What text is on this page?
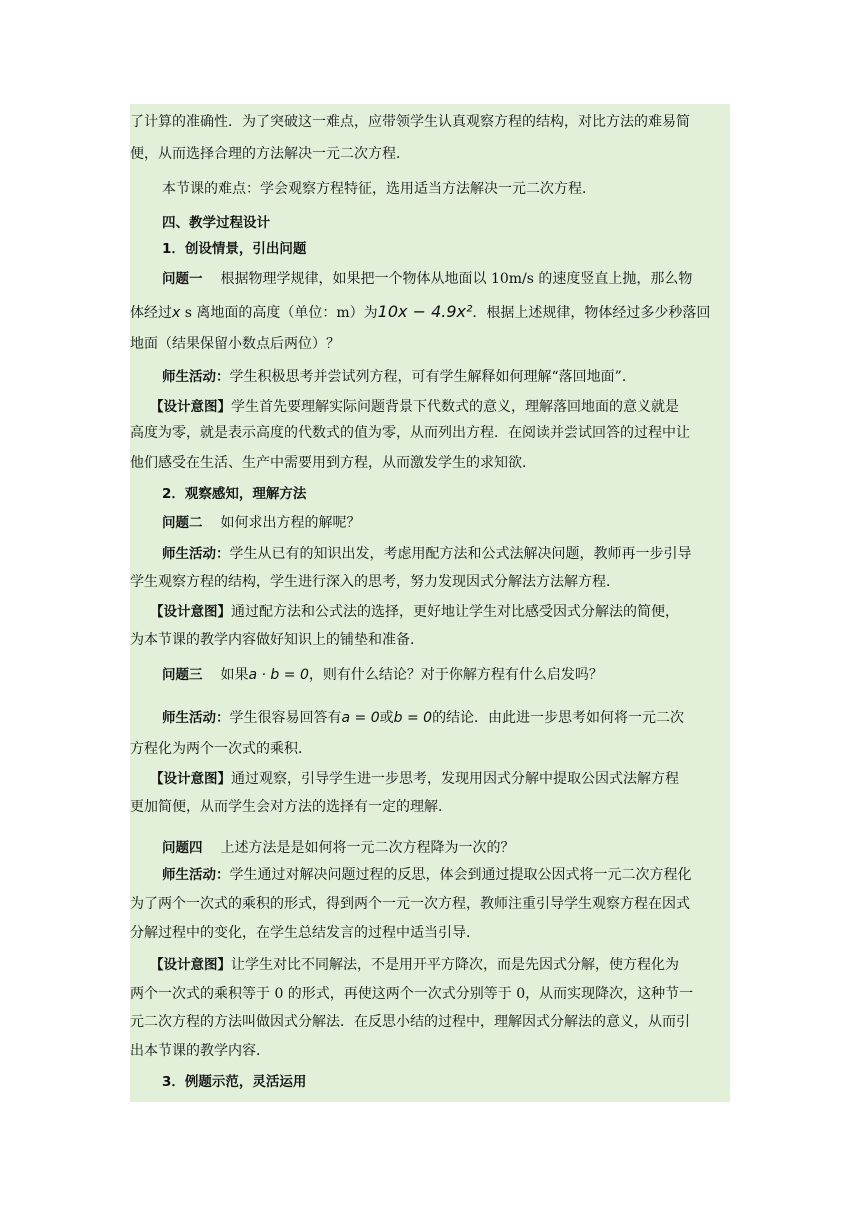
了计算的准确性．为了突破这一难点，应带领学生认真观察方程的结构，对比方法的难易简
便，从而选择合理的方法解决一元二次方程．
本节课的难点：学会观察方程特征，选用适当方法解决一元二次方程．
四、教学过程设计
1．创设情景，引出问题
问题一 根据物理学规律，如果把一个物体从地面以 10m/s 的速度竖直上抛，那么物
体经过x s 离地面的高度（单位：m）为10x − 4.9x²．根据上述规律，物体经过多少秒落回
地面（结果保留小数点后两位）？
师生活动：学生积极思考并尝试列方程，可有学生解释如何理解“落回地面”．
【设计意图】学生首先要理解实际问题背景下代数式的意义，理解落回地面的意义就是
高度为零，就是表示高度的代数式的值为零，从而列出方程．在阅读并尝试回答的过程中让
他们感受在生活、生产中需要用到方程，从而激发学生的求知欲．
2．观察感知，理解方法
问题二 如何求出方程的解呢？
师生活动：学生从已有的知识出发，考虑用配方法和公式法解决问题，教师再一步引导
学生观察方程的结构，学生进行深入的思考，努力发现因式分解法方法解方程．
【设计意图】通过配方法和公式法的选择，更好地让学生对比感受因式分解法的简便，
为本节课的教学内容做好知识上的铺垫和准备．
问题三 如果a · b = 0，则有什么结论？对于你解方程有什么启发吗？
师生活动：学生很容易回答有a = 0或b = 0的结论．由此进一步思考如何将一元二次
方程化为两个一次式的乘积．
【设计意图】通过观察，引导学生进一步思考，发现用因式分解中提取公因式法解方程
更加简便，从而学生会对方法的选择有一定的理解．
问题四 上述方法是是如何将一元二次方程降为一次的？
师生活动：学生通过对解决问题过程的反思，体会到通过提取公因式将一元二次方程化
为了两个一次式的乘积的形式，得到两个一元一次方程，教师注重引导学生观察方程在因式
分解过程中的变化，在学生总结发言的过程中适当引导．
【设计意图】让学生对比不同解法，不是用开平方降次，而是先因式分解，使方程化为
两个一次式的乘积等于 0 的形式，再使这两个一次式分别等于 0，从而实现降次，这种节一
元二次方程的方法叫做因式分解法．在反思小结的过程中，理解因式分解法的意义，从而引
出本节课的教学内容．
3．例题示范，灵活运用
